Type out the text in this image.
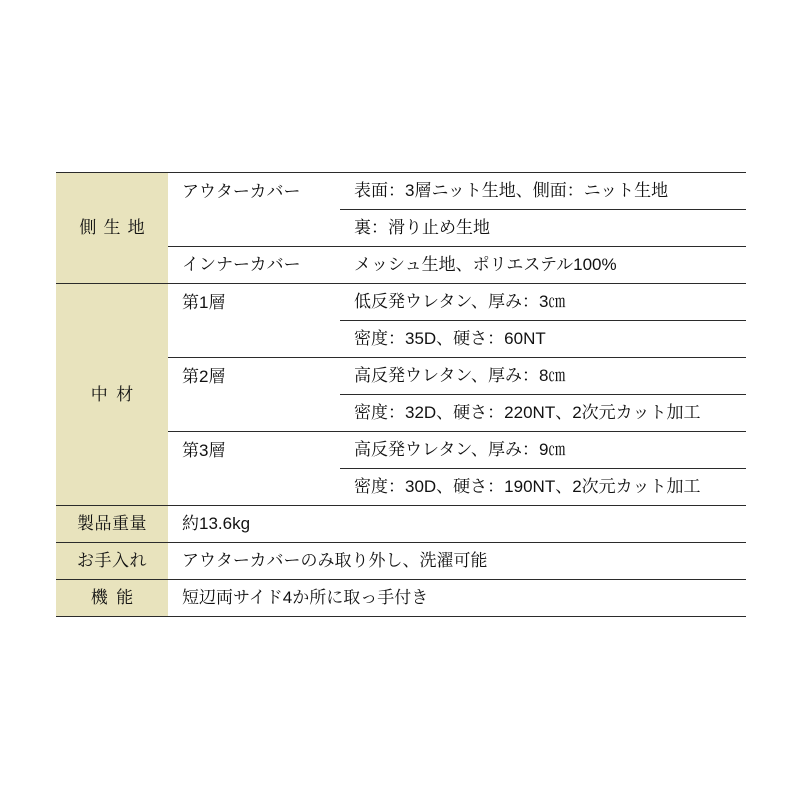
側生地	アウターカバー	表面：3層ニット生地、側面：ニット生地
		裏：滑り止め生地
	インナーカバー	メッシュ生地、ポリエステル100%

中材	第1層	低反発ウレタン、厚み：3㎝
		密度：35D、硬さ：60NT
	第2層	高反発ウレタン、厚み：8㎝
		密度：32D、硬さ：220NT、2次元カット加工
	第3層	高反発ウレタン、厚み：9㎝
		密度：30D、硬さ：190NT、2次元カット加工

製品重量	約13.6kg	

お手入れ	アウターカバーのみ取り外し、洗濯可能	

機能	短辺両サイド4か所に取っ手付き	
